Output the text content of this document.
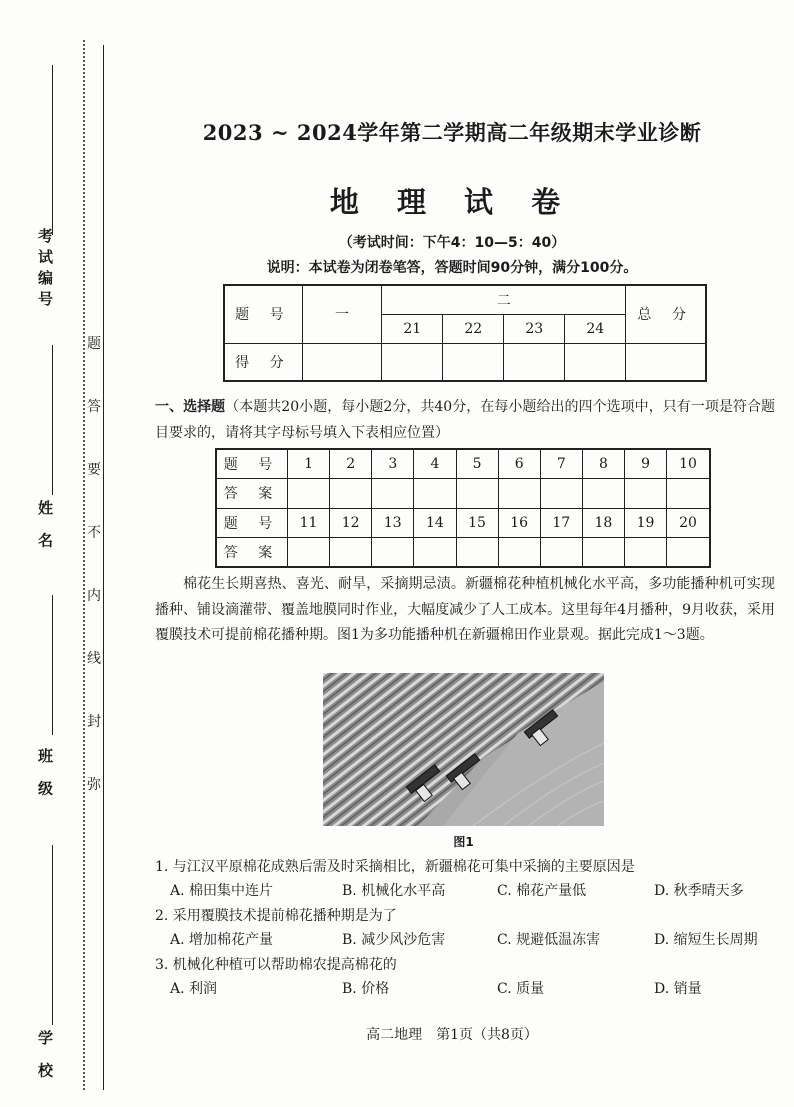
考试编号
姓 名
班 级
学 校
题
答
要
不
内
线
封
弥
2023 ~ 2024学年第二学期高二年级期末学业诊断
地 理 试 卷
（考试时间：下午4：10—5：40）
说明：本试卷为闭卷笔答，答题时间90分钟，满分100分。
题 号	一	二				总 分
		21	22	23	24	
得 分						
一、选择题（本题共20小题，每小题2分，共40分，在每小题给出的四个选项中，只有一项是符合题目要求的，请将其字母标号填入下表相应位置）
题 号	1	2	3	4	5	6	7	8	9	10
答 案										
题 号	11	12	13	14	15	16	17	18	19	20
答 案										
棉花生长期喜热、喜光、耐旱，采摘期忌渍。新疆棉花种植机械化水平高，多功能播种机可实现播种、铺设滴灌带、覆盖地膜同时作业，大幅度减少了人工成本。这里每年4月播种，9月收获，采用覆膜技术可提前棉花播种期。图1为多功能播种机在新疆棉田作业景观。据此完成1～3题。
图1
1. 与江汉平原棉花成熟后需及时采摘相比，新疆棉花可集中采摘的主要原因是
A. 棉田集中连片	B. 机械化水平高	C. 棉花产量低	D. 秋季晴天多
2. 采用覆膜技术提前棉花播种期是为了
A. 增加棉花产量	B. 减少风沙危害	C. 规避低温冻害	D. 缩短生长周期
3. 机械化种植可以帮助棉农提高棉花的
A. 利润	B. 价格	C. 质量	D. 销量
高二地理　第1页（共8页）
